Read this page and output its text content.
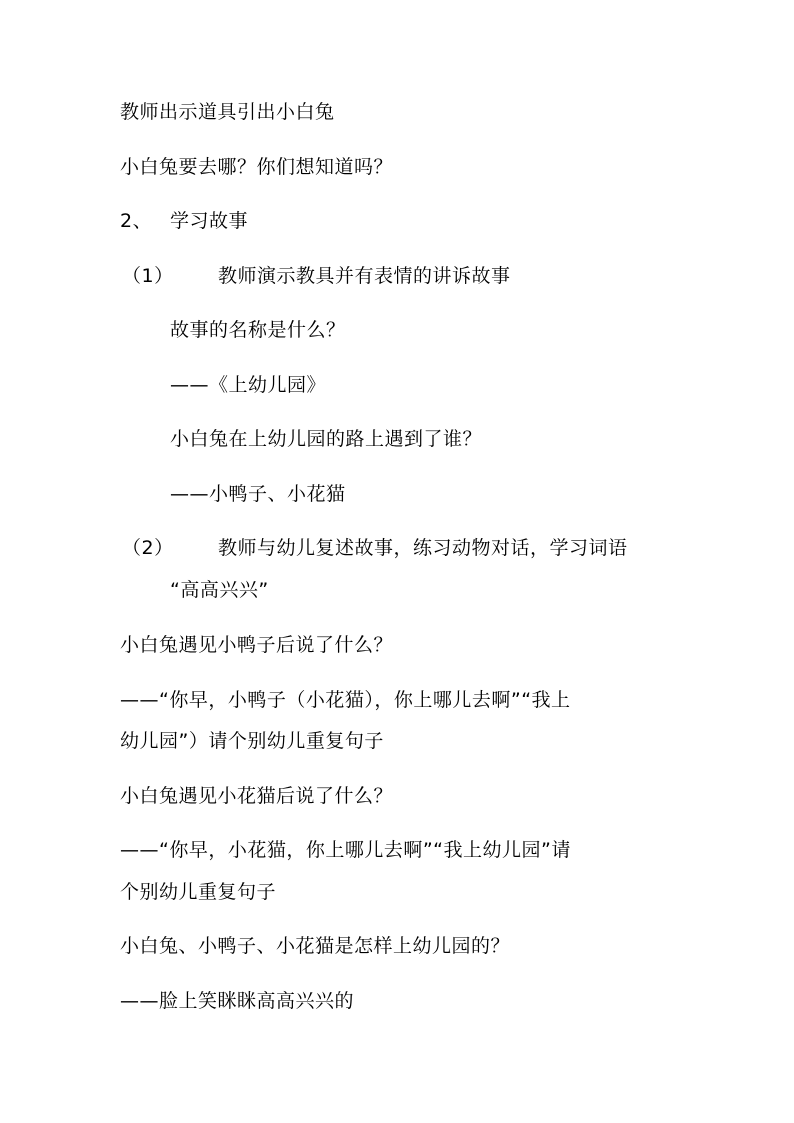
教师出示道具引出小白兔
小白兔要去哪？你们想知道吗？
2、 学习故事
（1） 教师演示教具并有表情的讲诉故事
故事的名称是什么？
——《上幼儿园》
小白兔在上幼儿园的路上遇到了谁？
——小鸭子、小花猫
（2） 教师与幼儿复述故事，练习动物对话，学习词语
“高高兴兴”
小白兔遇见小鸭子后说了什么？
——“你早，小鸭子（小花猫），你上哪儿去啊”“我上
幼儿园”）请个别幼儿重复句子
小白兔遇见小花猫后说了什么？
——“你早，小花猫，你上哪儿去啊”“我上幼儿园”请
个别幼儿重复句子
小白兔、小鸭子、小花猫是怎样上幼儿园的？
——脸上笑眯眯高高兴兴的
